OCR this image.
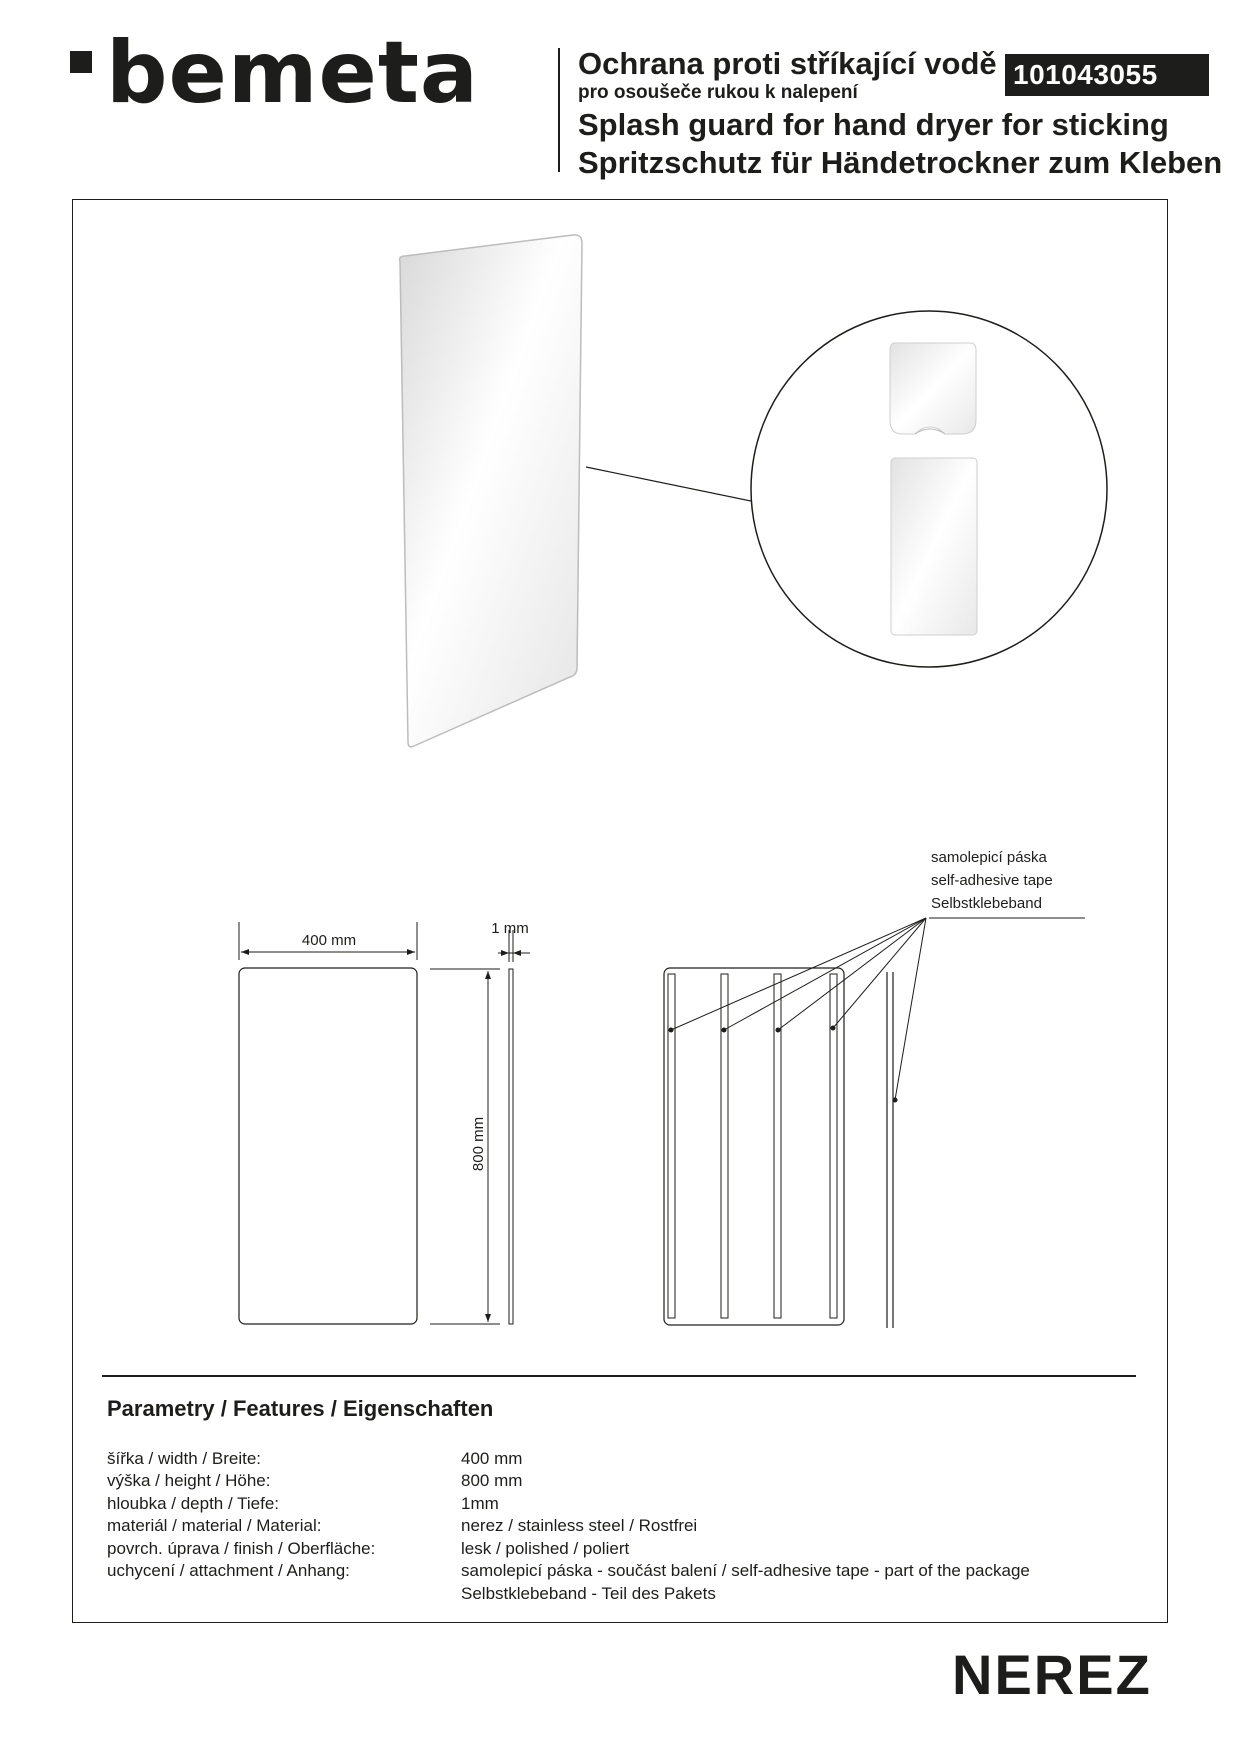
bemeta	Ochrana proti stříkající vodě
pro osoušeče rukou k nalepení
Splash guard for hand dryer for sticking
Spritzschutz für Händetrockner zum Kleben
101043055
400 mm
1 mm
800 mm
samolepicí páska
self-adhesive tape
Selbstklebeband
Parametry / Features / Eigenschaften
šířka / width / Breite:	400 mm
výška / height / Höhe:	800 mm
hloubka / depth / Tiefe:	1mm
materiál / material / Material:	nerez / stainless steel / Rostfrei
povrch. úprava / finish / Oberfläche:	lesk / polished / poliert
uchycení / attachment / Anhang:	samolepicí páska - součást balení / self-adhesive tape - part of the package
Selbstklebeband - Teil des Pakets
NEREZ
